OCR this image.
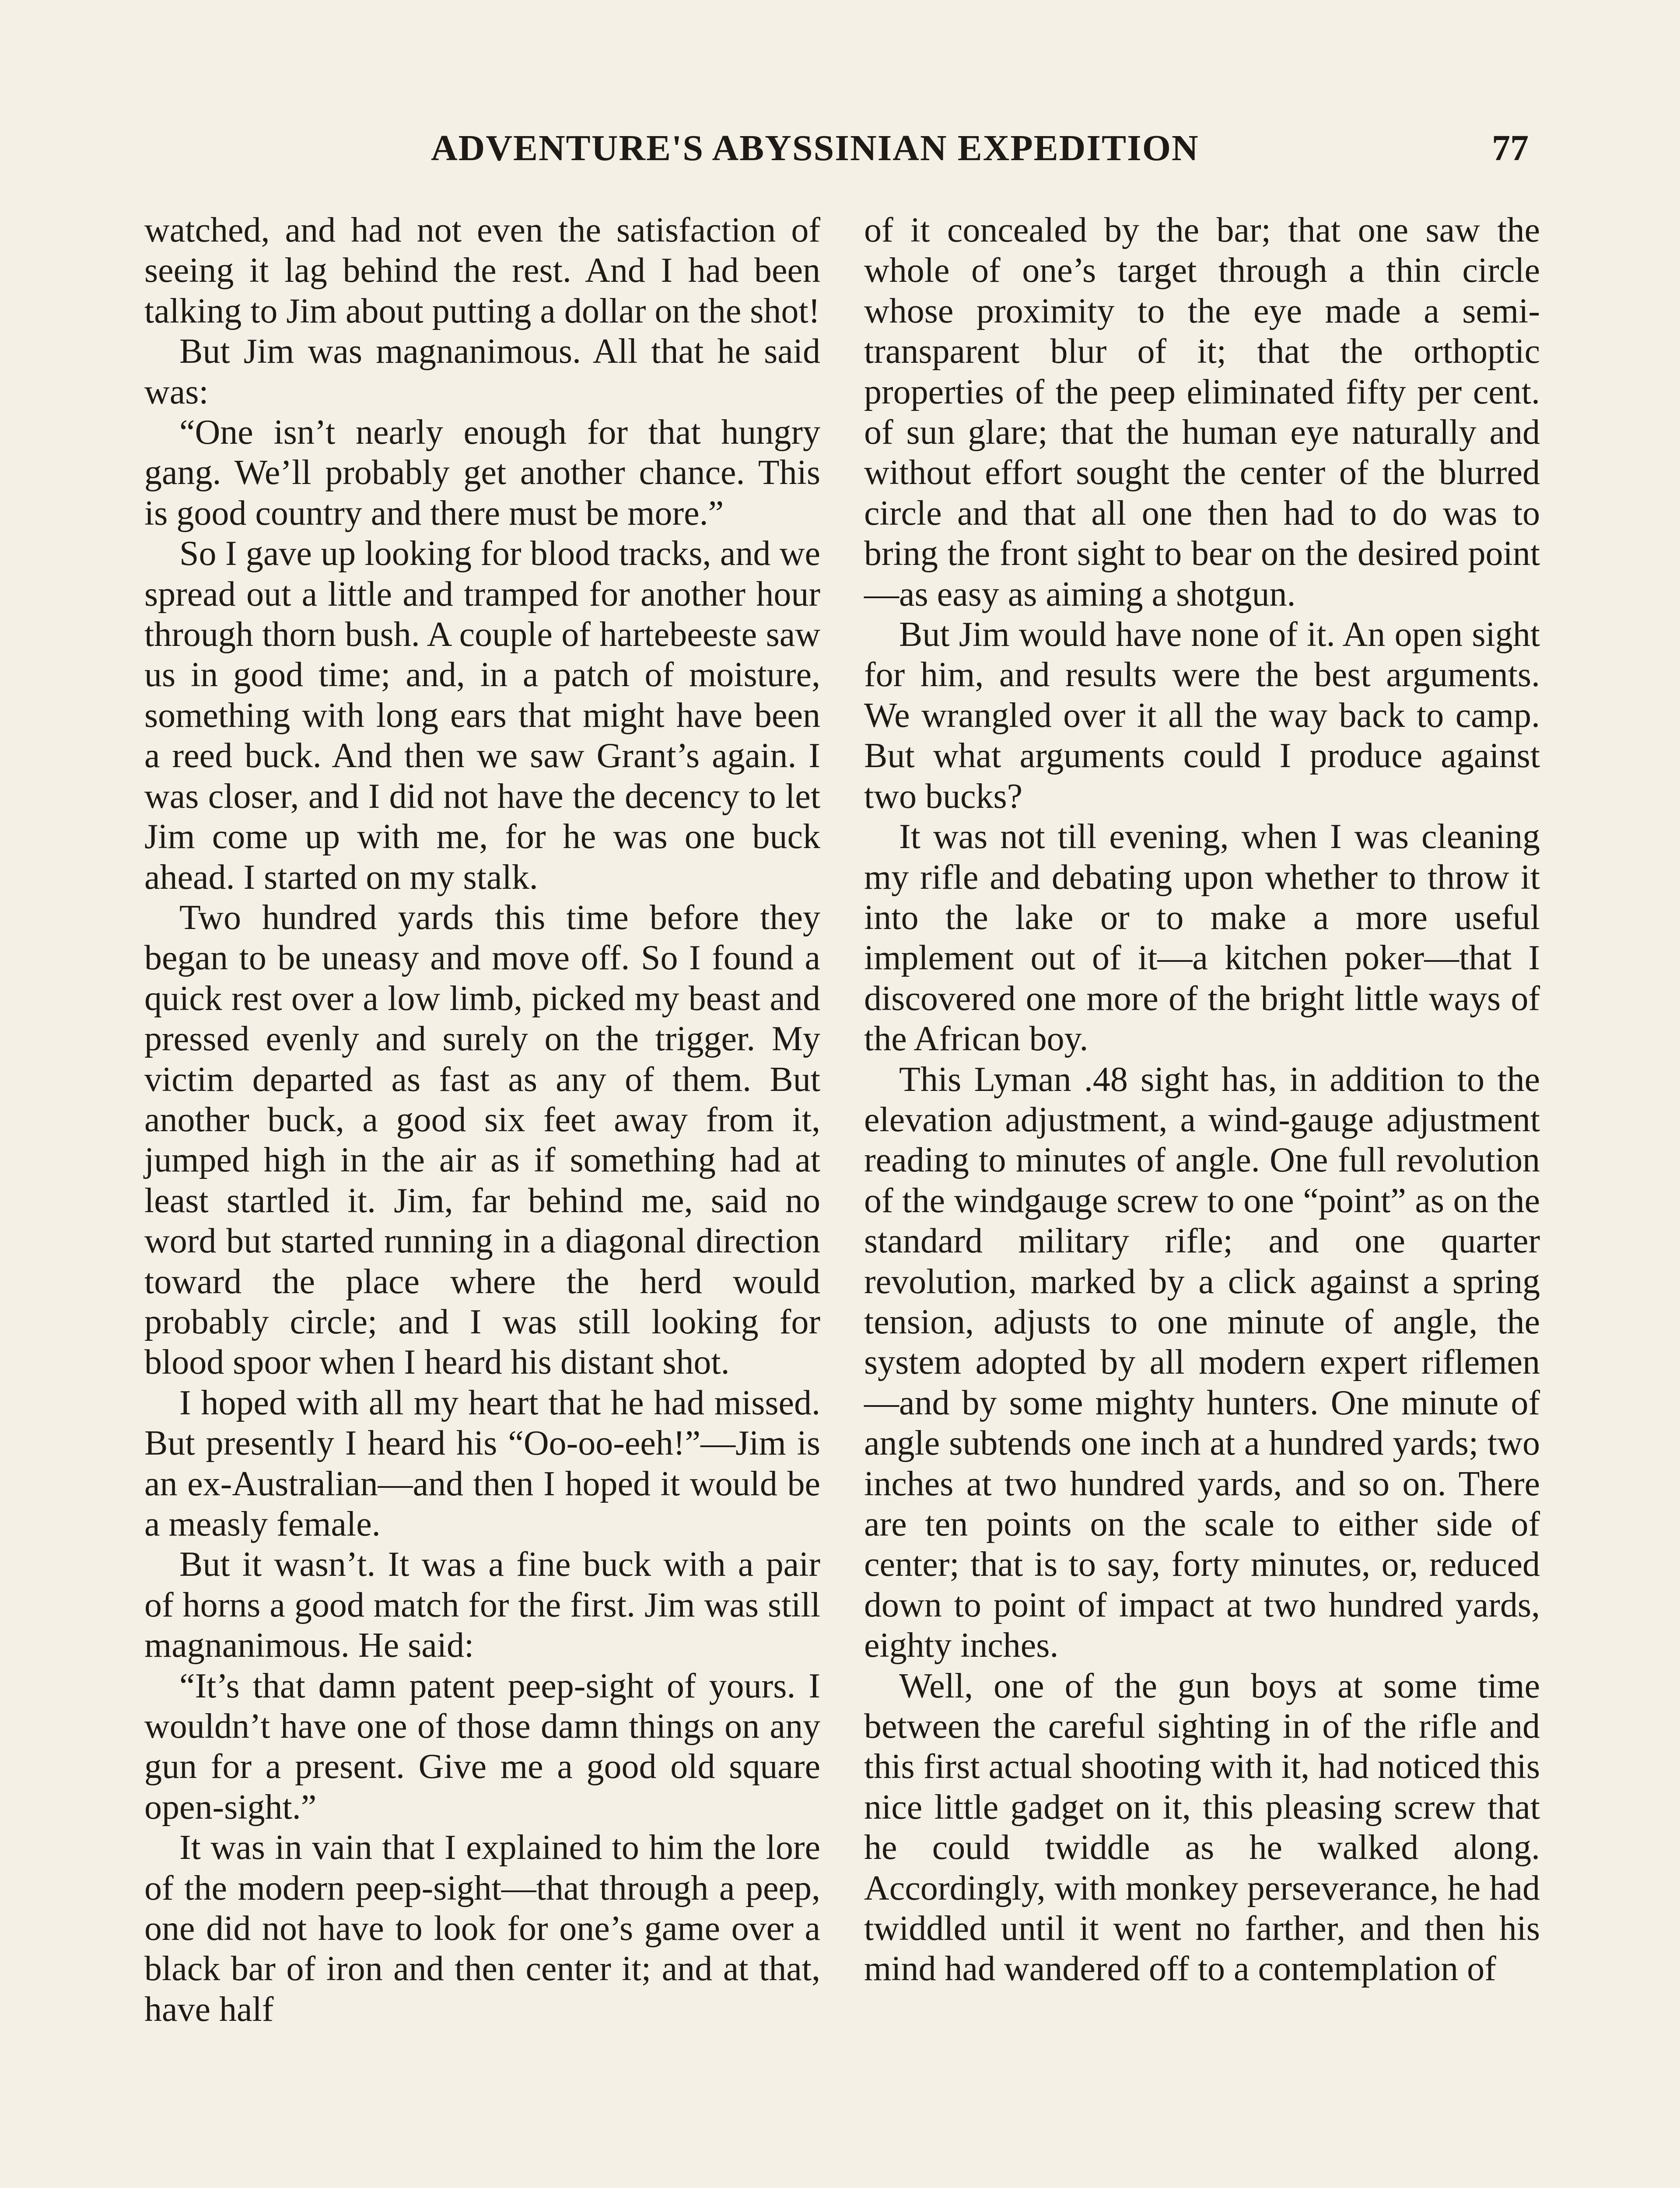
ADVENTURE'S ABYSSINIAN EXPEDITION	77

watched, and had not even the satisfaction of seeing it lag behind the rest. And I had been talking to Jim about putting a dollar on the shot!

But Jim was magnanimous. All that he said was:

“One isn’t nearly enough for that hungry gang. We’ll probably get another chance. This is good country and there must be more.”

So I gave up looking for blood tracks, and we spread out a little and tramped for another hour through thorn bush. A couple of hartebeeste saw us in good time; and, in a patch of moisture, something with long ears that might have been a reed buck. And then we saw Grant’s again. I was closer, and I did not have the decency to let Jim come up with me, for he was one buck ahead. I started on my stalk.

Two hundred yards this time before they began to be uneasy and move off. So I found a quick rest over a low limb, picked my beast and pressed evenly and surely on the trigger. My victim departed as fast as any of them. But another buck, a good six feet away from it, jumped high in the air as if something had at least startled it. Jim, far behind me, said no word but started running in a diagonal direction toward the place where the herd would probably circle; and I was still looking for blood spoor when I heard his distant shot.

I hoped with all my heart that he had missed. But presently I heard his “Oo-oo-eeh!”—Jim is an ex-Australian—and then I hoped it would be a measly female.

But it wasn’t. It was a fine buck with a pair of horns a good match for the first. Jim was still magnanimous. He said:

“It’s that damn patent peep-sight of yours. I wouldn’t have one of those damn things on any gun for a present. Give me a good old square open-sight.”

It was in vain that I explained to him the lore of the modern peep-sight—that through a peep, one did not have to look for one’s game over a black bar of iron and then center it; and at that, have half

of it concealed by the bar; that one saw the whole of one’s target through a thin circle whose proximity to the eye made a semi-transparent blur of it; that the orthoptic properties of the peep eliminated fifty per cent. of sun glare; that the human eye naturally and without effort sought the center of the blurred circle and that all one then had to do was to bring the front sight to bear on the desired point—as easy as aiming a shotgun.

But Jim would have none of it. An open sight for him, and results were the best arguments. We wrangled over it all the way back to camp. But what arguments could I produce against two bucks?

It was not till evening, when I was cleaning my rifle and debating upon whether to throw it into the lake or to make a more useful implement out of it—a kitchen poker—that I discovered one more of the bright little ways of the African boy.

This Lyman .48 sight has, in addition to the elevation adjustment, a wind-gauge adjustment reading to minutes of angle. One full revolution of the windgauge screw to one “point” as on the standard military rifle; and one quarter revolution, marked by a click against a spring tension, adjusts to one minute of angle, the system adopted by all modern expert riflemen—and by some mighty hunters. One minute of angle subtends one inch at a hundred yards; two inches at two hundred yards, and so on. There are ten points on the scale to either side of center; that is to say, forty minutes, or, reduced down to point of impact at two hundred yards, eighty inches.

Well, one of the gun boys at some time between the careful sighting in of the rifle and this first actual shooting with it, had noticed this nice little gadget on it, this pleasing screw that he could twiddle as he walked along. Accordingly, with monkey perseverance, he had twiddled until it went no farther, and then his mind had wandered off to a contemplation of
